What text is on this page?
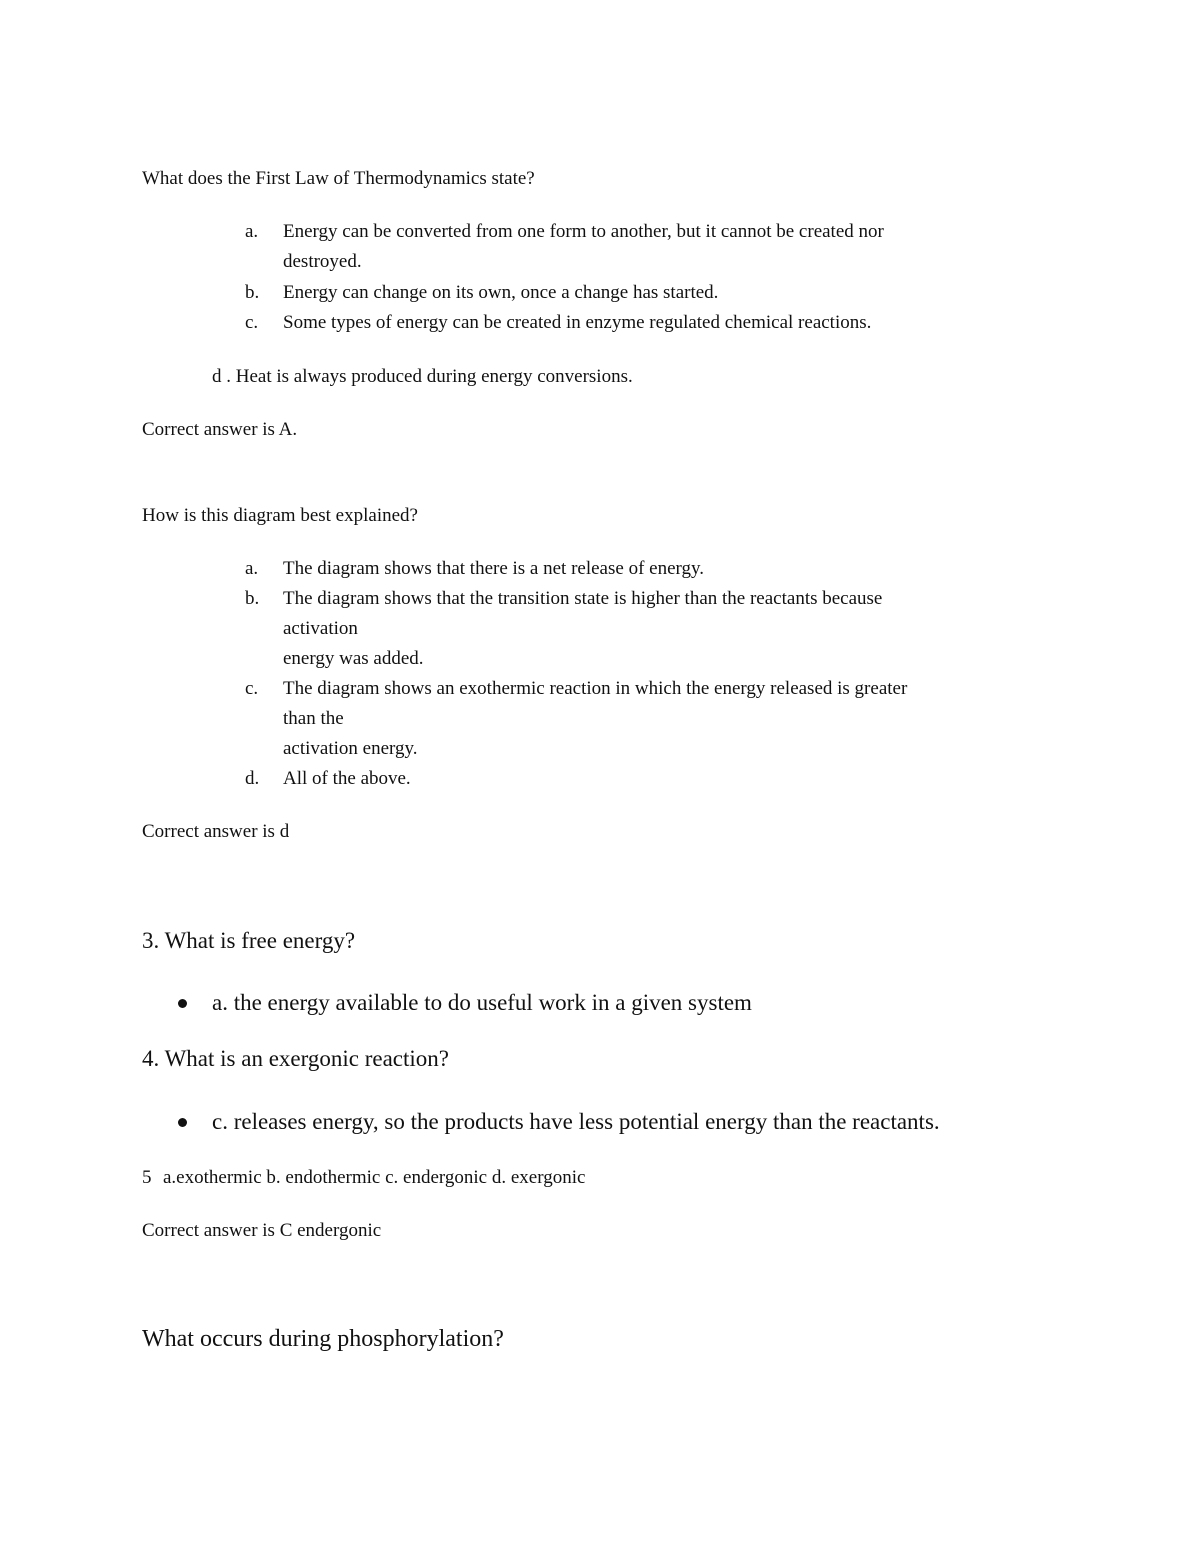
What does the First Law of Thermodynamics state?
a. Energy can be converted from one form to another, but it cannot be created nor
destroyed.
b. Energy can change on its own, once a change has started.
c. Some types of energy can be created in enzyme regulated chemical reactions.
d . Heat is always produced during energy conversions.
Correct answer is A.
How is this diagram best explained?
a. The diagram shows that there is a net release of energy.
b. The diagram shows that the transition state is higher than the reactants because
activation
energy was added.
c. The diagram shows an exothermic reaction in which the energy released is greater
than the
activation energy.
d. All of the above.
Correct answer is d
3. What is free energy?
a. the energy available to do useful work in a given system
4. What is an exergonic reaction?
c. releases energy, so the products have less potential energy than the reactants.
5 a.exothermic b. endothermic c. endergonic d. exergonic
Correct answer is C endergonic
What occurs during phosphorylation?
